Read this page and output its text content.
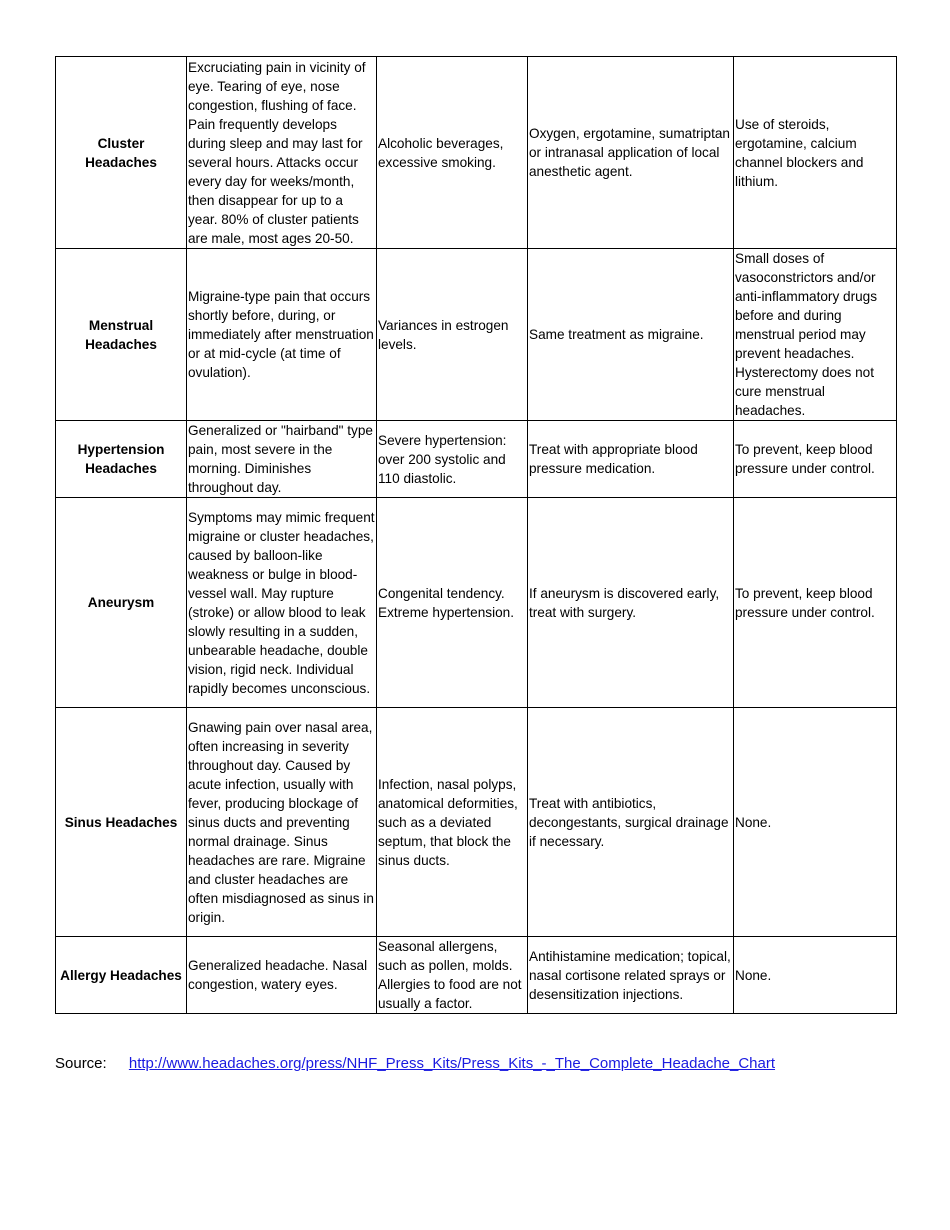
Cluster Headaches	Excruciating pain in vicinity of eye. Tearing of eye, nose congestion, flushing of face. Pain frequently develops during sleep and may last for several hours. Attacks occur every day for weeks/month, then disappear for up to a year. 80% of cluster patients are male, most ages 20-50.	Alcoholic beverages, excessive smoking.	Oxygen, ergotamine, sumatriptan or intranasal application of local anesthetic agent.	Use of steroids, ergotamine, calcium channel blockers and lithium.
Menstrual Headaches	Migraine-type pain that occurs shortly before, during, or immediately after menstruation or at mid-cycle (at time of ovulation).	Variances in estrogen levels.	Same treatment as migraine.	Small doses of vasoconstrictors and/or anti-inflammatory drugs before and during menstrual period may prevent headaches. Hysterectomy does not cure menstrual headaches.
Hypertension Headaches	Generalized or "hairband" type pain, most severe in the morning. Diminishes throughout day.	Severe hypertension: over 200 systolic and 110 diastolic.	Treat with appropriate blood pressure medication.	To prevent, keep blood pressure under control.
Aneurysm	Symptoms may mimic frequent migraine or cluster headaches, caused by balloon-like weakness or bulge in blood-vessel wall. May rupture (stroke) or allow blood to leak slowly resulting in a sudden, unbearable headache, double vision, rigid neck. Individual rapidly becomes unconscious.	Congenital tendency. Extreme hypertension.	If aneurysm is discovered early, treat with surgery.	To prevent, keep blood pressure under control.
Sinus Headaches	Gnawing pain over nasal area, often increasing in severity throughout day. Caused by acute infection, usually with fever, producing blockage of sinus ducts and preventing normal drainage. Sinus headaches are rare. Migraine and cluster headaches are often misdiagnosed as sinus in origin.	Infection, nasal polyps, anatomical deformities, such as a deviated septum, that block the sinus ducts.	Treat with antibiotics, decongestants, surgical drainage if necessary.	None.
Allergy Headaches	Generalized headache. Nasal congestion, watery eyes.	Seasonal allergens, such as pollen, molds. Allergies to food are not usually a factor.	Antihistamine medication; topical, nasal cortisone related sprays or desensitization injections.	None.
Source: http://www.headaches.org/press/NHF_Press_Kits/Press_Kits_-_The_Complete_Headache_Chart
